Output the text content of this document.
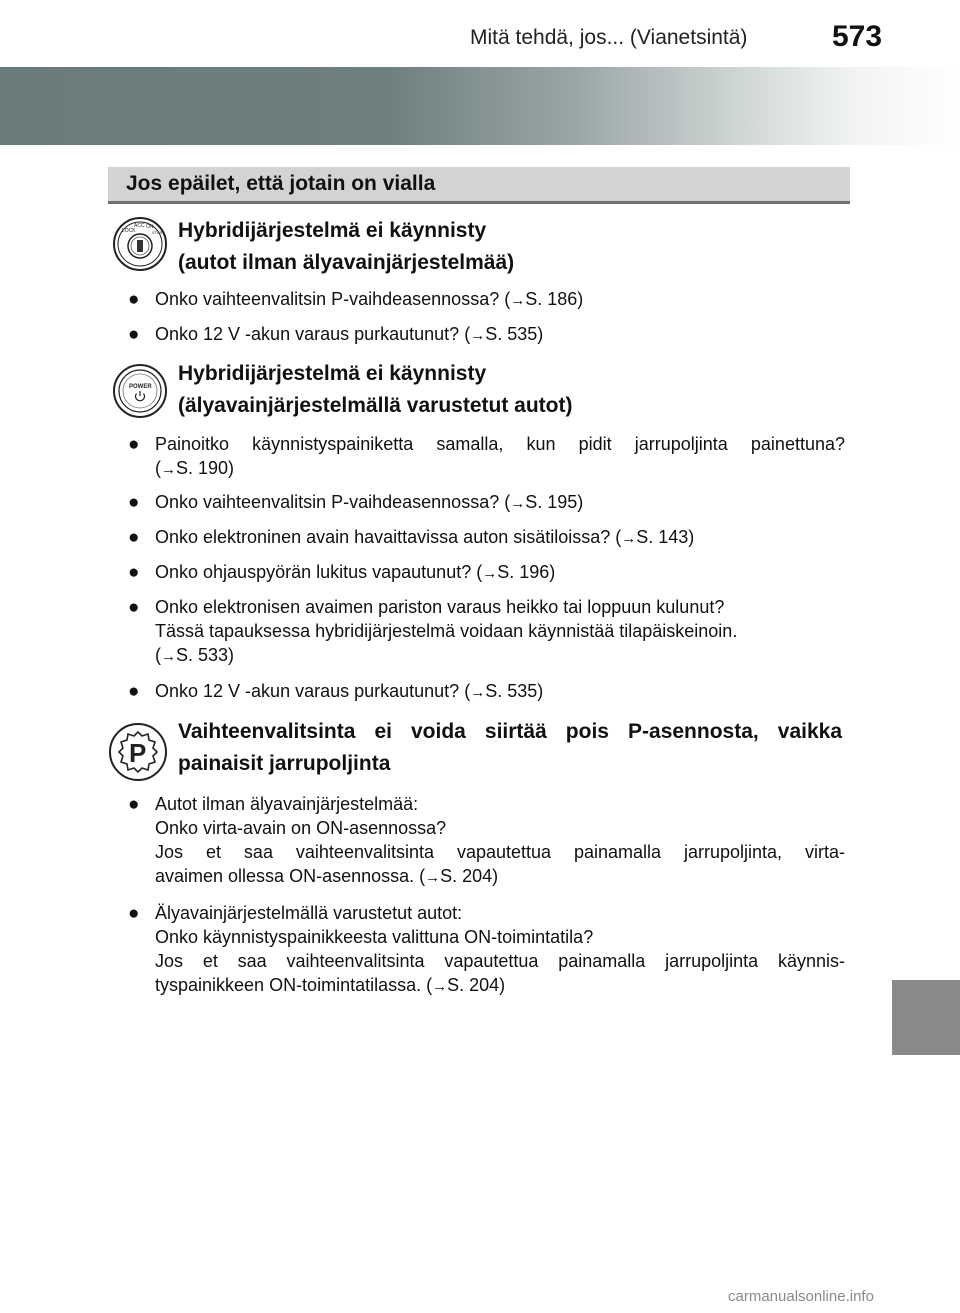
Mitä tehdä, jos... (Vianetsintä)	573
Jos epäilet, että jotain on vialla
LOCK
ACC ON
START Hybridijärjestelmä ei käynnisty
(autot ilman älyavainjärjestelmää)
● Onko vaihteenvalitsin P-vaihdeasennossa? (→S. 186)
● Onko 12 V -akun varaus purkautunut? (→S. 535)
POWER
Hybridijärjestelmä ei käynnisty
(älyavainjärjestelmällä varustetut autot)
● Painoitko käynnistyspainiketta samalla, kun pidit jarrupoljinta painettuna?
(→S. 190)
● Onko vaihteenvalitsin P-vaihdeasennossa? (→S. 195)
● Onko elektroninen avain havaittavissa auton sisätiloissa? (→S. 143)
● Onko ohjauspyörän lukitus vapautunut? (→S. 196)
● Onko elektronisen avaimen pariston varaus heikko tai loppuun kulunut?
Tässä tapauksessa hybridijärjestelmä voidaan käynnistää tilapäiskeinoin.
(→S. 533)
● Onko 12 V -akun varaus purkautunut? (→S. 535)
P
Vaihteenvalitsinta ei voida siirtää pois P-asennosta, vaikka
painaisit jarrupoljinta
● Autot ilman älyavainjärjestelmää:
Onko virta-avain on ON-asennossa?
Jos et saa vaihteenvalitsinta vapautettua painamalla jarrupoljinta, virta-
avaimen ollessa ON-asennossa. (→S. 204)
● Älyavainjärjestelmällä varustetut autot:
Onko käynnistyspainikkeesta valittuna ON-toimintatila?
Jos et saa vaihteenvalitsinta vapautettua painamalla jarrupoljinta käynnis-
tyspainikkeen ON-toimintatilassa. (→S. 204)
carmanualsonline.info
